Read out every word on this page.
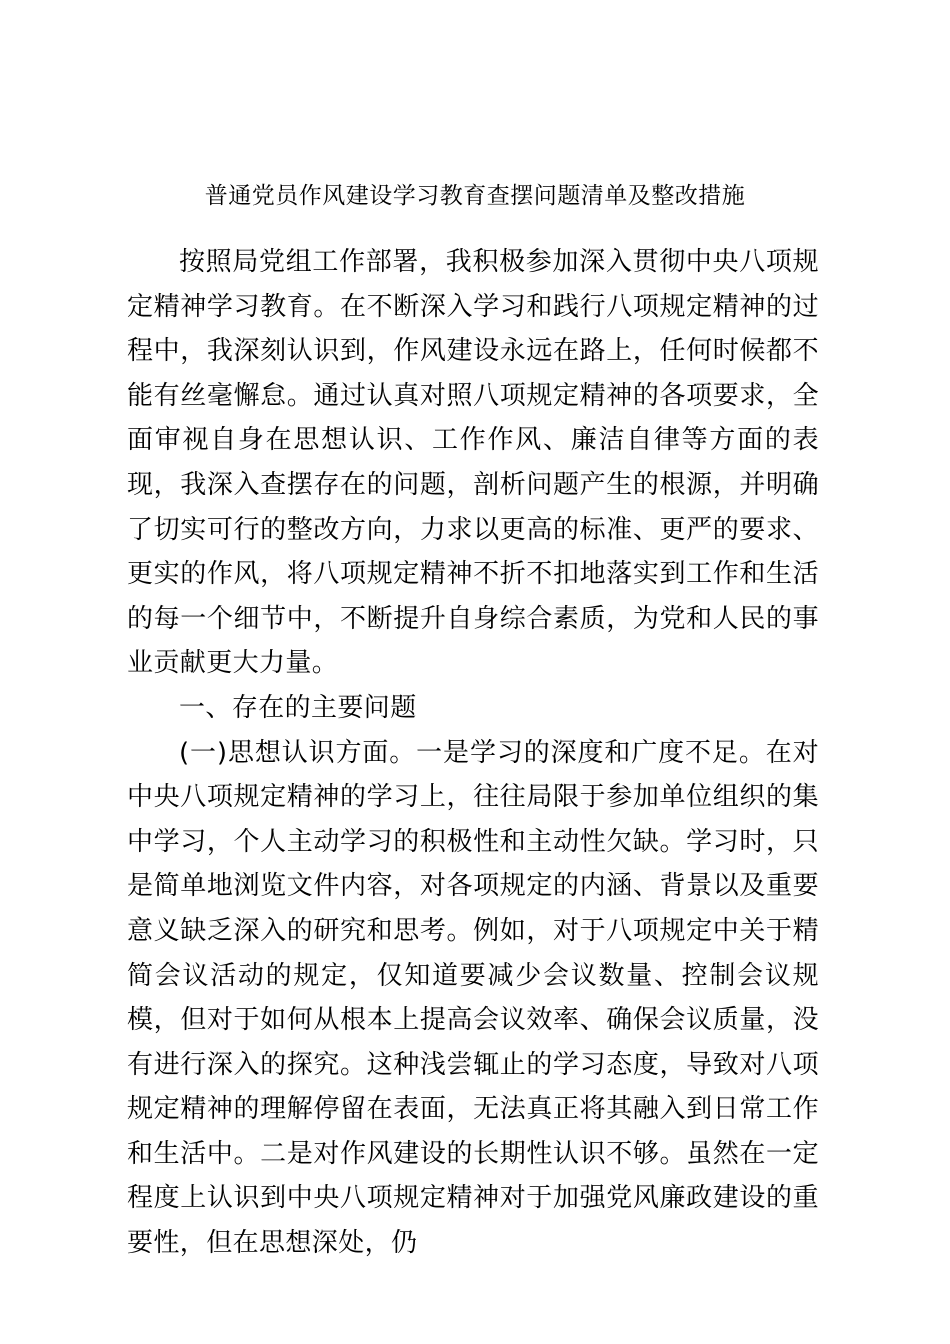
普通党员作风建设学习教育查摆问题清单及整改措施

按照局党组工作部署，我积极参加深入贯彻中央八项规定精神学习教育。在不断深入学习和践行八项规定精神的过程中，我深刻认识到，作风建设永远在路上，任何时候都不能有丝毫懈怠。通过认真对照八项规定精神的各项要求，全面审视自身在思想认识、工作作风、廉洁自律等方面的表现，我深入查摆存在的问题，剖析问题产生的根源，并明确了切实可行的整改方向，力求以更高的标准、更严的要求、更实的作风，将八项规定精神不折不扣地落实到工作和生活的每一个细节中，不断提升自身综合素质，为党和人民的事业贡献更大力量。

一、存在的主要问题

(一)思想认识方面。一是学习的深度和广度不足。在对中央八项规定精神的学习上，往往局限于参加单位组织的集中学习，个人主动学习的积极性和主动性欠缺。学习时，只是简单地浏览文件内容，对各项规定的内涵、背景以及重要意义缺乏深入的研究和思考。例如，对于八项规定中关于精简会议活动的规定，仅知道要减少会议数量、控制会议规模，但对于如何从根本上提高会议效率、确保会议质量，没有进行深入的探究。这种浅尝辄止的学习态度，导致对八项规定精神的理解停留在表面，无法真正将其融入到日常工作和生活中。二是对作风建设的长期性认识不够。虽然在一定程度上认识到中央八项规定精神对于加强党风廉政建设的重要性，但在思想深处，仍
